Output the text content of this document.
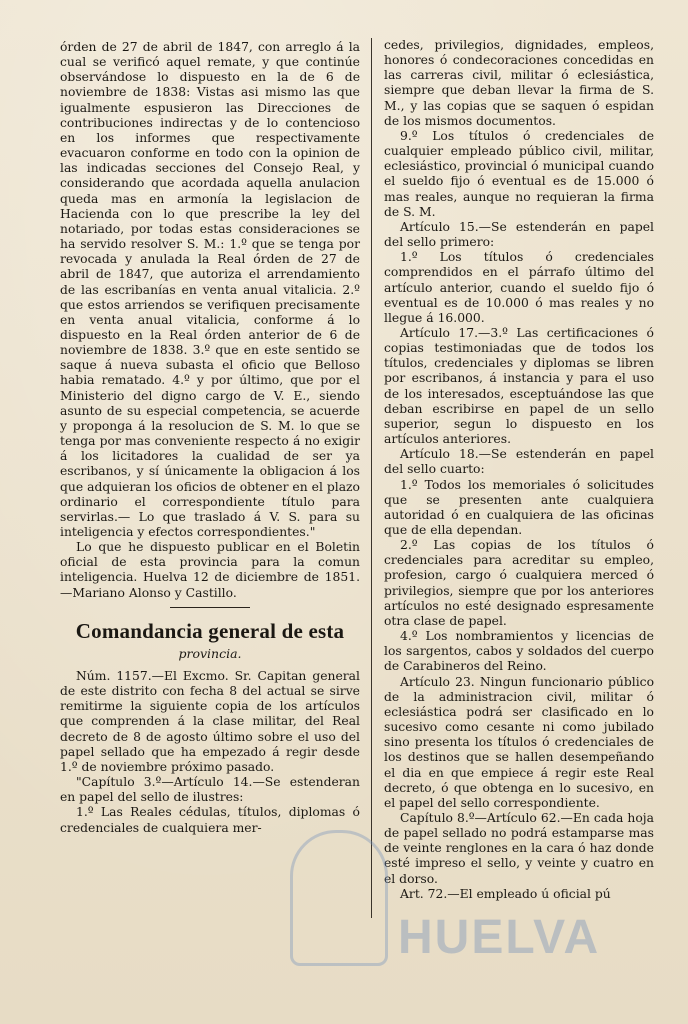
órden de 27 de abril de 1847, con arreglo á la cual se verificó aquel remate, y que continúe observándose lo dispuesto en la de 6 de noviembre de 1838: Vistas asi mismo las que igualmente espusieron las Direcciones de contribuciones indirectas y de lo contencioso en los informes que respectivamente evacuaron conforme en todo con la opinion de las indicadas secciones del Consejo Real, y considerando que acordada aquella anulacion queda mas en armonía la legislacion de Hacienda con lo que prescribe la ley del notariado, por todas estas consideraciones se ha servido resolver S. M.: 1.º que se tenga por revocada y anulada la Real órden de 27 de abril de 1847, que autoriza el arrendamiento de las escribanías en venta anual vitalicia. 2.º que estos arriendos se verifiquen precisamente en venta anual vitalicia, conforme á lo dispuesto en la Real órden anterior de 6 de noviembre de 1838. 3.º que en este sentido se saque á nueva subasta el oficio que Belloso habia rematado. 4.º y por último, que por el Ministerio del digno cargo de V. E., siendo asunto de su especial competencia, se acuerde y proponga á la resolucion de S. M. lo que se tenga por mas conveniente respecto á no exigir á los licitadores la cualidad de ser ya escribanos, y sí únicamente la obligacion á los que adquieran los oficios de obtener en el plazo ordinario el correspondiente título para servirlas.— Lo que traslado á V. S. para su inteligencia y efectos correspondientes."

Lo que he dispuesto publicar en el Boletin oficial de esta provincia para la comun inteligencia. Huelva 12 de diciembre de 1851.—Mariano Alonso y Castillo.

Comandancia general de esta
provincia.

Núm. 1157.—El Excmo. Sr. Capitan general de este distrito con fecha 8 del actual se sirve remitirme la siguiente copia de los artículos que comprenden á la clase militar, del Real decreto de 8 de agosto último sobre el uso del papel sellado que ha empezado á regir desde 1.º de noviembre próximo pasado.

"Capítulo 3.º—Artículo 14.—Se estenderan en papel del sello de ilustres:

1.º Las Reales cédulas, títulos, diplomas ó credenciales de cualquiera mer-

cedes, privilegios, dignidades, empleos, honores ó condecoraciones concedidas en las carreras civil, militar ó eclesiástica, siempre que deban llevar la firma de S. M., y las copias que se saquen ó espidan de los mismos documentos.

9.º Los títulos ó credenciales de cualquier empleado público civil, militar, eclesiástico, provincial ó municipal cuando el sueldo fijo ó eventual es de 15.000 ó mas reales, aunque no requieran la firma de S. M.

Artículo 15.—Se estenderán en papel del sello primero:

1.º Los títulos ó credenciales comprendidos en el párrafo último del artículo anterior, cuando el sueldo fijo ó eventual es de 10.000 ó mas reales y no llegue á 16.000.

Artículo 17.—3.º Las certificaciones ó copias testimoniadas que de todos los títulos, credenciales y diplomas se libren por escribanos, á instancia y para el uso de los interesados, esceptuándose las que deban escribirse en papel de un sello superior, segun lo dispuesto en los artículos anteriores.

Artículo 18.—Se estenderán en papel del sello cuarto:

1.º Todos los memoriales ó solicitudes que se presenten ante cualquiera autoridad ó en cualquiera de las oficinas que de ella dependan.

2.º Las copias de los títulos ó credenciales para acreditar su empleo, profesion, cargo ó cualquiera merced ó privilegios, siempre que por los anteriores artículos no esté designado espresamente otra clase de papel.

4.º Los nombramientos y licencias de los sargentos, cabos y soldados del cuerpo de Carabineros del Reino.

Artículo 23. Ningun funcionario público de la administracion civil, militar ó eclesiástica podrá ser clasificado en lo sucesivo como cesante ni como jubilado sino presenta los títulos ó credenciales de los destinos que se hallen desempeñando el dia en que empiece á regir este Real decreto, ó que obtenga en lo sucesivo, en el papel del sello correspondiente.

Capítulo 8.º—Artículo 62.—En cada hoja de papel sellado no podrá estamparse mas de veinte renglones en la cara ó haz donde esté impreso el sello, y veinte y cuatro en el dorso.

Art. 72.—El empleado ú oficial pú

HUELVA
